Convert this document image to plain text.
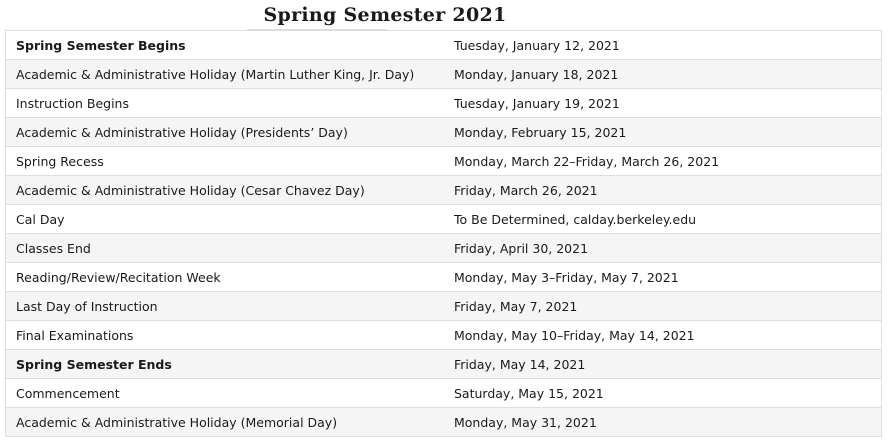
Spring Semester 2021
Spring Semester Begins	Tuesday, January 12, 2021
Academic & Administrative Holiday (Martin Luther King, Jr. Day)	Monday, January 18, 2021
Instruction Begins	Tuesday, January 19, 2021
Academic & Administrative Holiday (Presidents’ Day)	Monday, February 15, 2021
Spring Recess	Monday, March 22–Friday, March 26, 2021
Academic & Administrative Holiday (Cesar Chavez Day)	Friday, March 26, 2021
Cal Day	To Be Determined, calday.berkeley.edu
Classes End	Friday, April 30, 2021
Reading/Review/Recitation Week	Monday, May 3–Friday, May 7, 2021
Last Day of Instruction	Friday, May 7, 2021
Final Examinations	Monday, May 10–Friday, May 14, 2021
Spring Semester Ends	Friday, May 14, 2021
Commencement	Saturday, May 15, 2021
Academic & Administrative Holiday (Memorial Day)	Monday, May 31, 2021
